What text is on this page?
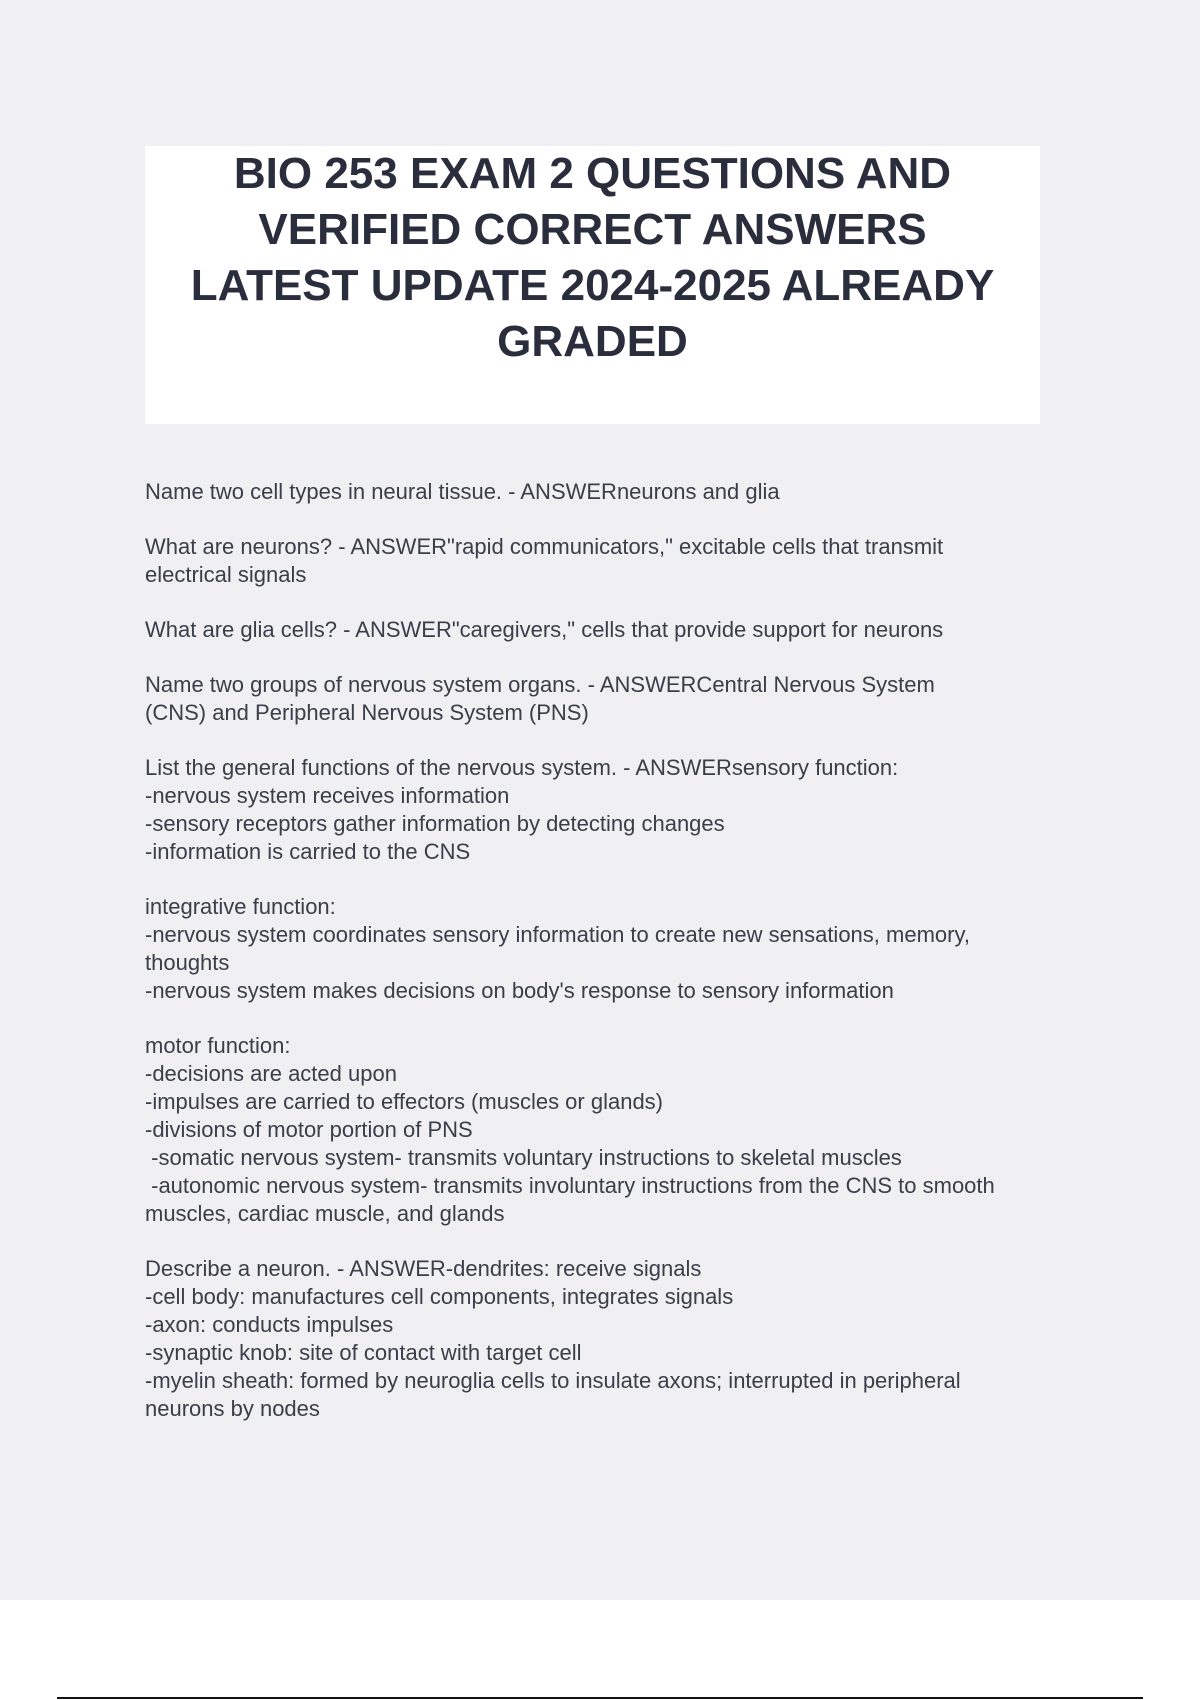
BIO 253 EXAM 2 QUESTIONS AND
VERIFIED CORRECT ANSWERS
LATEST UPDATE 2024-2025 ALREADY
GRADED

Name two cell types in neural tissue. - ANSWERneurons and glia

What are neurons? - ANSWER"rapid communicators," excitable cells that transmit
electrical signals

What are glia cells? - ANSWER"caregivers," cells that provide support for neurons

Name two groups of nervous system organs. - ANSWERCentral Nervous System
(CNS) and Peripheral Nervous System (PNS)

List the general functions of the nervous system. - ANSWERsensory function:
-nervous system receives information
-sensory receptors gather information by detecting changes
-information is carried to the CNS

integrative function:
-nervous system coordinates sensory information to create new sensations, memory,
thoughts
-nervous system makes decisions on body's response to sensory information

motor function:
-decisions are acted upon
-impulses are carried to effectors (muscles or glands)
-divisions of motor portion of PNS
-somatic nervous system- transmits voluntary instructions to skeletal muscles
-autonomic nervous system- transmits involuntary instructions from the CNS to smooth
muscles, cardiac muscle, and glands

Describe a neuron. - ANSWER-dendrites: receive signals
-cell body: manufactures cell components, integrates signals
-axon: conducts impulses
-synaptic knob: site of contact with target cell
-myelin sheath: formed by neuroglia cells to insulate axons; interrupted in peripheral
neurons by nodes
